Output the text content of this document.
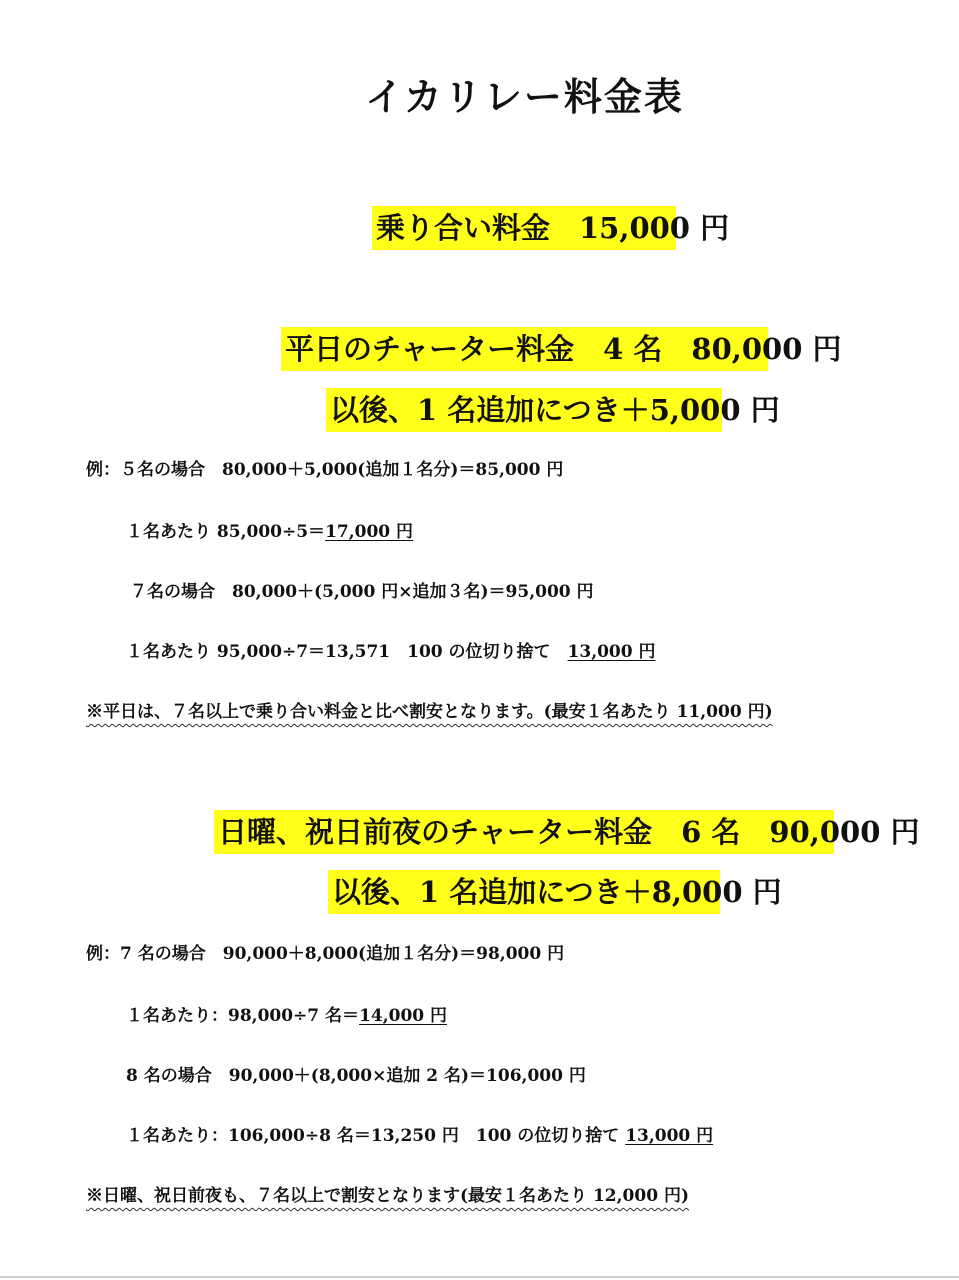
イカリレー料金表
乗り合い料金　15,000 円
平日のチャーター料金　4 名　80,000 円
以後、1 名追加につき＋5,000 円
例：５名の場合　80,000＋5,000(追加１名分)＝85,000 円
１名あたり 85,000÷5＝17,000 円
７名の場合　80,000＋(5,000 円×追加３名)＝95,000 円
１名あたり 95,000÷7＝13,571　100 の位切り捨て　13,000 円
※平日は、７名以上で乗り合い料金と比べ割安となります。(最安１名あたり 11,000 円)
日曜、祝日前夜のチャーター料金　6 名　90,000 円
以後、1 名追加につき＋8,000 円
例：7 名の場合　90,000＋8,000(追加１名分)＝98,000 円
１名あたり：98,000÷7 名＝14,000 円
8 名の場合　90,000＋(8,000×追加 2 名)＝106,000 円
１名あたり：106,000÷8 名＝13,250 円　100 の位切り捨て 13,000 円
※日曜、祝日前夜も、７名以上で割安となります(最安１名あたり 12,000 円)
